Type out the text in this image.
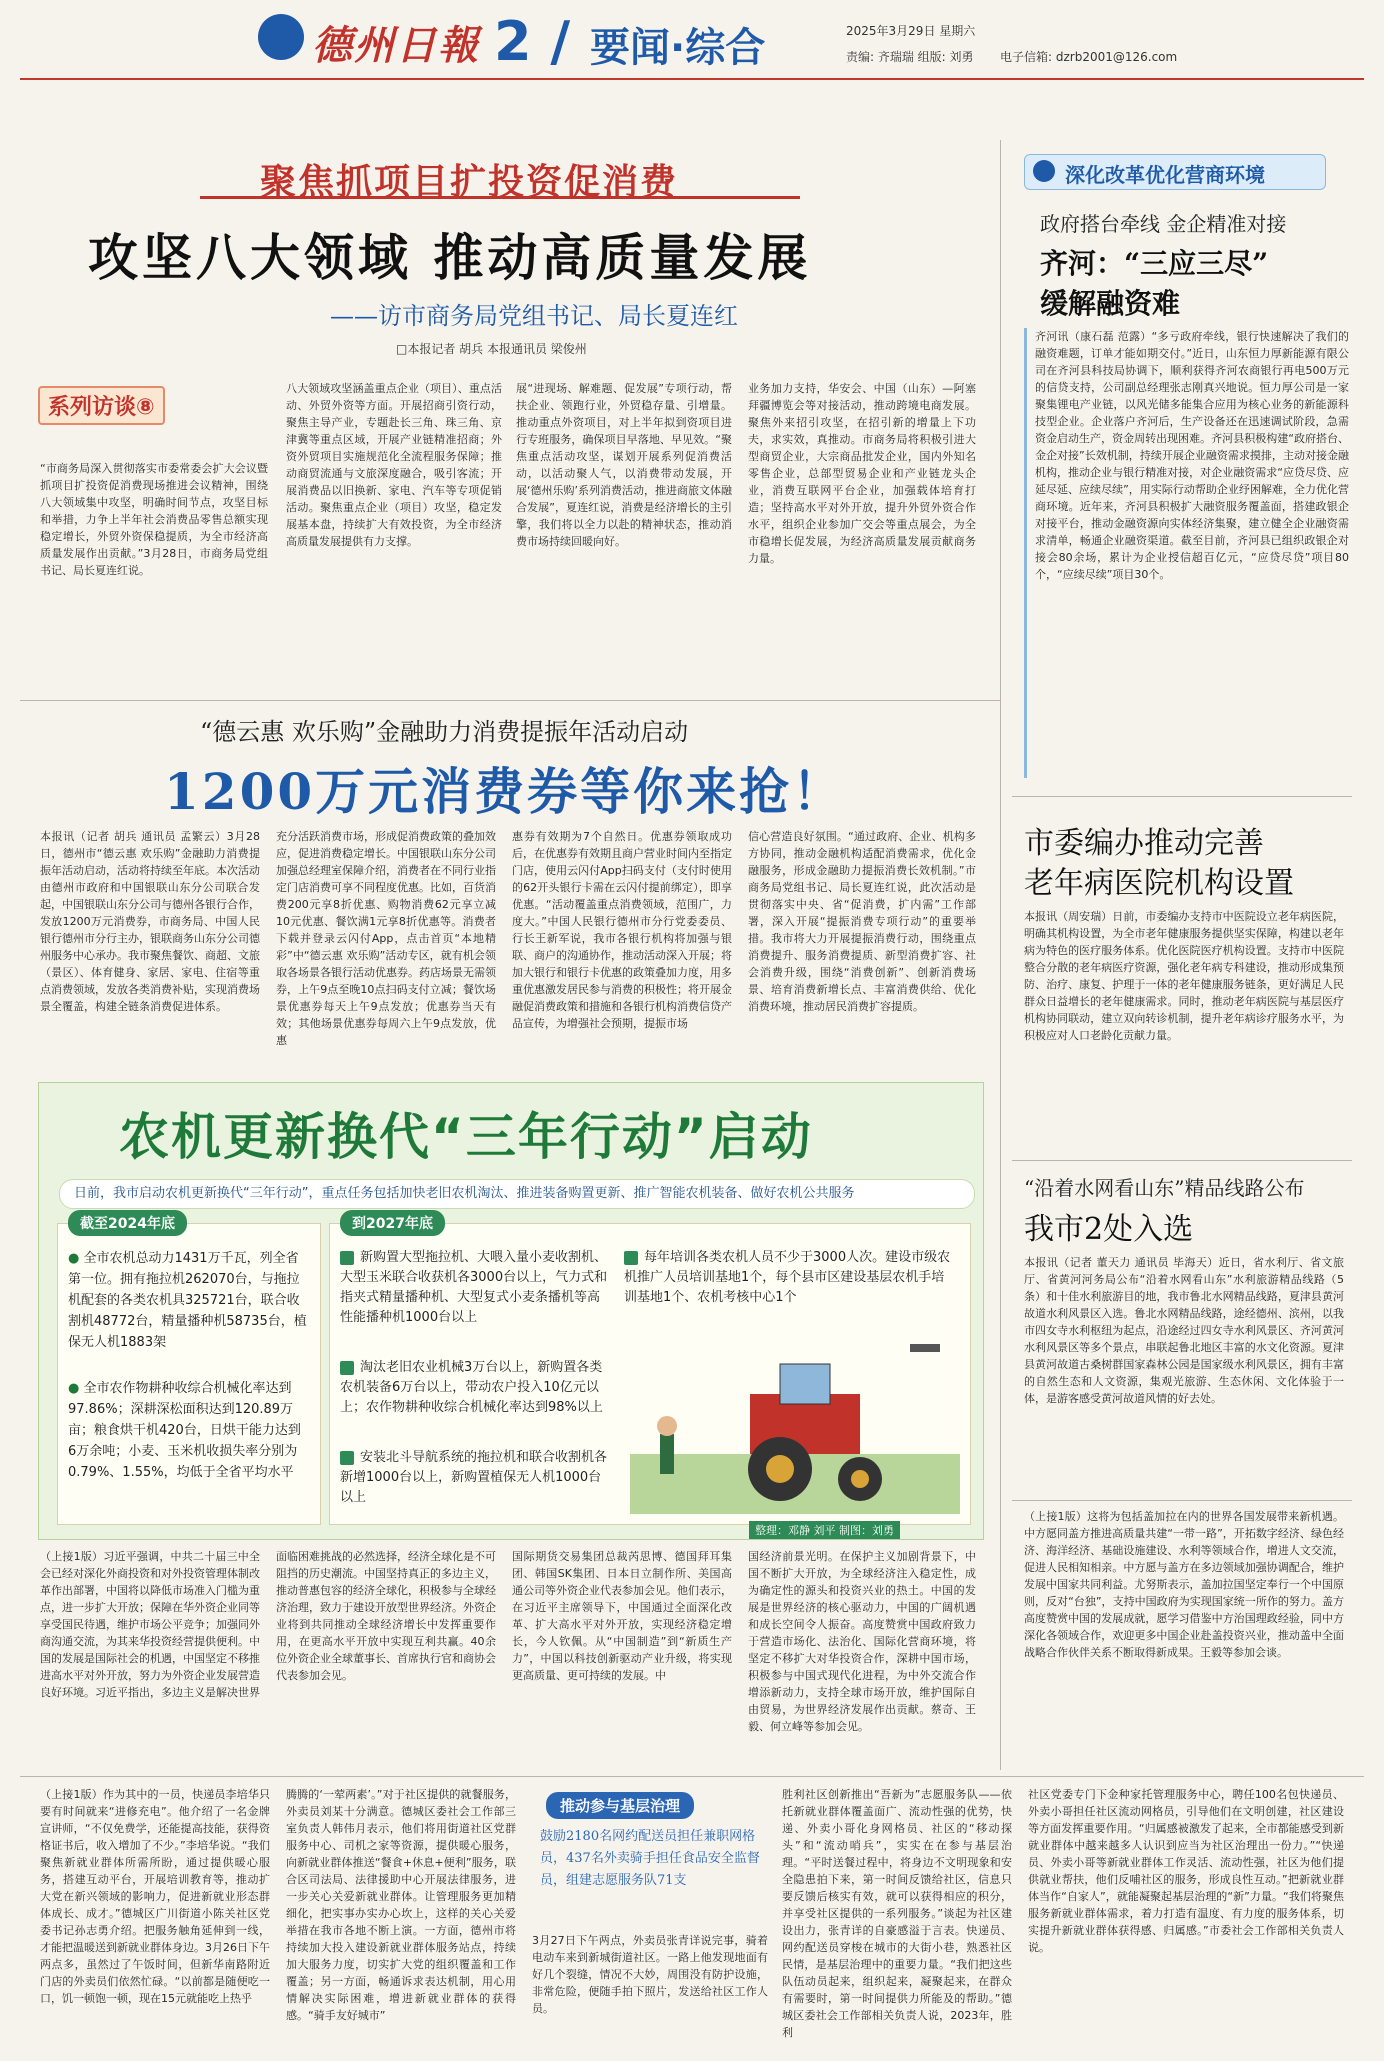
德州日報 2 / 要闻·综合	2025年3月29日 星期六
责编: 齐瑞瑞 组版: 刘勇 电子信箱: dzrb2001@126.com
聚焦抓项目扩投资促消费
攻坚八大领域 推动高质量发展
——访市商务局党组书记、局长夏连红
□本报记者 胡兵 本报通讯员 梁俊州
系列访谈⑧
“市商务局深入贯彻落实市委常委会扩大会议暨抓项目扩投资促消费现场推进会议精神，围绕八大领域集中攻坚，明确时间节点，攻坚目标和举措，力争上半年社会消费品零售总额实现稳定增长，外贸外资保稳提质，为全市经济高质量发展作出贡献。”3月28日，市商务局党组书记、局长夏连红说。
八大领域攻坚涵盖重点企业（项目）、重点活动、外贸外资等方面。开展招商引资行动，聚焦主导产业，专题赴长三角、珠三角、京津冀等重点区域，开展产业链精准招商；外资外贸项目实施规范化全流程服务保障；推动商贸流通与文旅深度融合，吸引客流；开展消费品以旧换新、家电、汽车等专项促销活动。聚焦重点企业（项目）攻坚，稳定发展基本盘，持续扩大有效投资，为全市经济高质量发展提供有力支撑。
展“进现场、解难题、促发展”专项行动，帮扶企业、领跑行业，外贸稳存量、引增量。推动重点外资项目，对上半年拟到资项目进行专班服务，确保项目早落地、早见效。“聚焦重点活动攻坚，谋划开展系列促消费活动，以活动聚人气，以消费带动发展，开展‘德州乐购’系列消费活动，推进商旅文体融合发展”，夏连红说，消费是经济增长的主引擎，我们将以全力以赴的精神状态，推动消费市场持续回暖向好。
业务加力支持，华安会、中国（山东）—阿塞拜疆博览会等对接活动，推动跨境电商发展。聚焦外来招引攻坚，在招引新的增量上下功夫，求实效，真推动。市商务局将积极引进大型商贸企业，大宗商品批发企业，国内外知名零售企业，总部型贸易企业和产业链龙头企业，消费互联网平台企业，加强载体培育打造；坚持高水平对外开放，提升外贸外资合作水平，组织企业参加广交会等重点展会，为全市稳增长促发展，为经济高质量发展贡献商务力量。
“德云惠 欢乐购”金融助力消费提振年活动启动
1200万元消费券等你来抢！
本报讯（记者 胡兵 通讯员 孟繁云）3月28日，德州市“德云惠 欢乐购”金融助力消费提振年活动启动，活动将持续至年底。本次活动由德州市政府和中国银联山东分公司联合发起，中国银联山东分公司与德州各银行合作，发放1200万元消费券，市商务局、中国人民银行德州市分行主办，银联商务山东分公司德州服务中心承办。我市聚焦餐饮、商超、文旅（景区）、体育健身、家居、家电、住宿等重点消费领域，发放各类消费补贴，实现消费场景全覆盖，构建全链条消费促进体系。
充分活跃消费市场，形成促消费政策的叠加效应，促进消费稳定增长。中国银联山东分公司加强总经理室保障介绍，消费者在不同行业指定门店消费可享不同程度优惠。比如，百货消费200元享8折优惠、购物消费62元享立减10元优惠、餐饮满1元享8折优惠等。消费者下载并登录云闪付App，点击首页“本地精彩”中“德云惠 欢乐购”活动专区，就有机会领取各场景各银行活动优惠券。药店场景无需领券，上午9点至晚10点扫码支付立减；餐饮场景优惠券每天上午9点发放；优惠券当天有效；其他场景优惠券每周六上午9点发放，优惠
惠券有效期为7个自然日。优惠券领取成功后，在优惠券有效期且商户营业时间内至指定门店，使用云闪付App扫码支付（支付时使用的62开头银行卡需在云闪付提前绑定），即享优惠。“活动覆盖重点消费领域，范围广，力度大。”中国人民银行德州市分行党委委员、行长王新军说，我市各银行机构将加强与银联、商户的沟通协作，推动活动深入开展；将加大银行和银行卡优惠的政策叠加力度，用多重优惠激发居民参与消费的积极性；将开展金融促消费政策和措施和各银行机构消费信贷产品宣传，为增强社会预期，提振市场
信心营造良好氛围。“通过政府、企业、机构多方协同，推动金融机构适配消费需求，优化金融服务，形成金融助力提振消费长效机制。”市商务局党组书记、局长夏连红说，此次活动是贯彻落实中央、省“促消费，扩内需”工作部署，深入开展“提振消费专项行动”的重要举措。我市将大力开展提振消费行动，围绕重点消费提升、服务消费提质、新型消费扩容、社会消费升级，围绕“消费创新”、创新消费场景、培育消费新增长点、丰富消费供给、优化消费环境，推动居民消费扩容提质。
农机更新换代“三年行动”启动
日前，我市启动农机更新换代“三年行动”，重点任务包括加快老旧农机淘汰、推进装备购置更新、推广智能农机装备、做好农机公共服务
截至2024年底
● 全市农机总动力1431万千瓦，列全省第一位。拥有拖拉机262070台，与拖拉机配套的各类农机具325721台，联合收割机48772台，精量播种机58735台，植保无人机1883架
● 全市农作物耕种收综合机械化率达到97.86%；深耕深松面积达到120.89万亩；粮食烘干机420台，日烘干能力达到6万余吨；小麦、玉米机收损失率分别为0.79%、1.55%，均低于全省平均水平
到2027年底
新购置大型拖拉机、大喂入量小麦收割机、大型玉米联合收获机各3000台以上，气力式和指夹式精量播种机、大型复式小麦条播机等高性能播种机1000台以上
淘汰老旧农业机械3万台以上，新购置各类农机装备6万台以上，带动农户投入10亿元以上；农作物耕种收综合机械化率达到98%以上
安装北斗导航系统的拖拉机和联合收割机各新增1000台以上，新购置植保无人机1000台以上
每年培训各类农机人员不少于3000人次。建设市级农机推广人员培训基地1个，每个县市区建设基层农机手培训基地1个、农机考核中心1个
整理：邓静 刘平 制图：刘勇
（上接1版）习近平强调，中共二十届三中全会已经对深化外商投资和对外投资管理体制改革作出部署，中国将以降低市场准入门槛为重点，进一步扩大开放；保障在华外资企业同等享受国民待遇，维护市场公平竞争；加强同外商沟通交流，为其来华投资经营提供便利。中国的发展是国际社会的机遇，中国坚定不移推进高水平对外开放，努力为外资企业发展营造良好环境。习近平指出，多边主义是解决世界
面临困难挑战的必然选择，经济全球化是不可阻挡的历史潮流。中国坚持真正的多边主义，推动普惠包容的经济全球化，积极参与全球经济治理，致力于建设开放型世界经济。外资企业将到共同推动全球经济增长中发挥重要作用，在更高水平开放中实现互利共赢。40余位外资企业全球董事长、首席执行官和商协会代表参加会见。
国际期货交易集团总裁芮思博、德国拜耳集团、韩国SK集团、日本日立制作所、美国高通公司等外资企业代表参加会见。他们表示，在习近平主席领导下，中国通过全面深化改革、扩大高水平对外开放，实现经济稳定增长，今人钦佩。从“中国制造”到“新质生产力”，中国以科技创新驱动产业升级，将实现更高质量、更可持续的发展。中
国经济前景光明。在保护主义加剧背景下，中国不断扩大开放，为全球经济注入稳定性，成为确定性的源头和投资兴业的热土。中国的发展是世界经济的核心驱动力，中国的广阔机遇和成长空间令人振奋。高度赞赏中国政府致力于营造市场化、法治化、国际化营商环境，将坚定不移扩大对华投资合作，深耕中国市场，积极参与中国式现代化进程，为中外交流合作增添新动力，支持全球市场开放，维护国际自由贸易，为世界经济发展作出贡献。蔡奇、王毅、何立峰等参加会见。
（上接1版）作为其中的一员，快递员李培华只要有时间就来“进修充电”。他介绍了一名金牌宣讲师，“不仅免费学，还能提高技能，获得资格证书后，收入增加了不少。”李培华说。“我们聚焦新就业群体所需所盼，通过提供暖心服务，搭建互动平台，开展培训教育等，推动扩大党在新兴领域的影响力，促进新就业形态群体成长、成才。”德城区广川街道小陈关社区党委书记孙志勇介绍。把服务触角延伸到一线，才能把温暖送到新就业群体身边。3月26日下午两点多，虽然过了午饭时间，但新华南路附近门店的外卖员们依然忙碌。“以前都是随便吃一口，饥一顿饱一顿，现在15元就能吃上热乎
腾腾的‘一荤两素’。”对于社区提供的就餐服务，外卖员刘某十分满意。德城区委社会工作部三室负责人韩伟月表示，他们将用街道社区党群服务中心、司机之家等资源，提供暖心服务，向新就业群体推送“餐食+休息+便利”服务，联合区司法局、法律援助中心开展法律服务，进一步关心关爱新就业群体。让管理服务更加精细化，把实事办实办心坎上，这样的关心关爱举措在我市各地不断上演。一方面，德州市将持续加大投入建设新就业群体服务站点，持续加大服务力度，切实扩大党的组织覆盖和工作覆盖；另一方面，畅通诉求表达机制，用心用情解决实际困难，增进新就业群体的获得感。“骑手友好城市”
推动参与基层治理
鼓励2180名网约配送员担任兼职网格员，437名外卖骑手担任食品安全监督员，组建志愿服务队71支
3月27日下午两点，外卖员张青详说完事，骑着电动车来到新城街道社区。一路上他发现地面有好几个裂缝，情况不大妙，周围没有防护设施，非常危险，便随手拍下照片，发送给社区工作人员。
胜利社区创新推出“吾新为”志愿服务队——依托新就业群体覆盖面广、流动性强的优势，快递、外卖小哥化身网格员、社区的“移动探头”和“流动哨兵”，实实在在参与基层治理。“平时送餐过程中，将身边不文明现象和安全隐患拍下来，第一时间反馈给社区，信息只要反馈后核实有效，就可以获得相应的积分，并享受社区提供的一系列服务。”谈起为社区建设出力，张青详的自豪感溢于言表。快递员、网约配送员穿梭在城市的大街小巷，熟悉社区民情，是基层治理中的重要力量。“我们把这些队伍动员起来，组织起来，凝聚起来，在群众有需要时，第一时间提供力所能及的帮助。”德城区委社会工作部相关负责人说，2023年，胜利
社区党委专门下金种家托管理服务中心，聘任100名包快递员、外卖小哥担任社区流动网格员，引导他们在文明创建，社区建设等方面发挥重要作用。“归属感被激发了起来，全市都能感受到新就业群体中越来越多人认识到应当为社区治理出一份力。”“快递员、外卖小哥等新就业群体工作灵活、流动性强，社区为他们提供就业帮扶，他们反哺社区的服务，形成良性互动。”把新就业群体当作“自家人”，就能凝聚起基层治理的“新”力量。“我们将聚焦服务新就业群体需求，着力打造有温度、有力度的服务体系，切实提升新就业群体获得感、归属感。”市委社会工作部相关负责人说。
深化改革优化营商环境
政府搭台牵线 金企精准对接
齐河：“三应三尽”
缓解融资难
齐河讯（康石磊 范露）“多亏政府牵线，银行快速解决了我们的融资难题，订单才能如期交付。”近日，山东恒力厚新能源有限公司在齐河县科技局协调下，顺利获得齐河农商银行再电500万元的信贷支持，公司副总经理张志刚真兴地说。恒力厚公司是一家聚集锂电产业链，以风光储多能集合应用为核心业务的新能源科技型企业。企业落户齐河后，生产设备还在迅速调试阶段，急需资金启动生产，资金周转出现困难。齐河县积极构建“政府搭台、金企对接”长效机制，持续开展企业融资需求摸排，主动对接金融机构，推动企业与银行精准对接，对企业融资需求“应贷尽贷、应延尽延、应续尽续”，用实际行动帮助企业纾困解难，全力优化营商环境。近年来，齐河县积极扩大融资服务覆盖面，搭建政银企对接平台，推动金融资源向实体经济集聚，建立健全企业融资需求清单，畅通企业融资渠道。截至目前，齐河县已组织政银企对接会80余场，累计为企业授信超百亿元，“应贷尽贷”项目80个，“应续尽续”项目30个。
市委编办推动完善
老年病医院机构设置
本报讯（周安瑞）日前，市委编办支持市中医院设立老年病医院，明确其机构设置，为全市老年健康服务提供坚实保障，构建以老年病为特色的医疗服务体系。优化医院医疗机构设置。支持市中医院整合分散的老年病医疗资源，强化老年病专科建设，推动形成集预防、治疗、康复、护理于一体的老年健康服务链条，更好满足人民群众日益增长的老年健康需求。同时，推动老年病医院与基层医疗机构协同联动，建立双向转诊机制，提升老年病诊疗服务水平，为积极应对人口老龄化贡献力量。
“沿着水网看山东”精品线路公布
我市2处入选
本报讯（记者 董天力 通讯员 毕海天）近日，省水利厅、省文旅厅、省黄河河务局公布“沿着水网看山东”水利旅游精品线路（5条）和十佳水利旅游目的地，我市鲁北水网精品线路，夏津县黄河故道水利风景区入选。鲁北水网精品线路，途经德州、滨州，以我市四女寺水利枢纽为起点，沿途经过四女寺水利风景区、齐河黄河水利风景区等多个景点，串联起鲁北地区丰富的水文化资源。夏津县黄河故道古桑树群国家森林公园是国家级水利风景区，拥有丰富的自然生态和人文资源，集观光旅游、生态休闲、文化体验于一体，是游客感受黄河故道风情的好去处。
（上接1版）这将为包括盖加拉在内的世界各国发展带来新机遇。中方愿同盖方推进高质量共建“一带一路”，开拓数字经济、绿色经济、海洋经济、基础设施建设、水利等领域合作，增进人文交流，促进人民相知相亲。中方愿与盖方在多边领域加强协调配合，维护发展中国家共同利益。尤努斯表示，盖加拉国坚定奉行一个中国原则，反对“台独”，支持中国政府为实现国家统一所作的努力。盖方高度赞赏中国的发展成就，愿学习借鉴中方治国理政经验，同中方深化各领域合作，欢迎更多中国企业赴盖投资兴业，推动盖中全面战略合作伙伴关系不断取得新成果。王毅等参加会谈。
